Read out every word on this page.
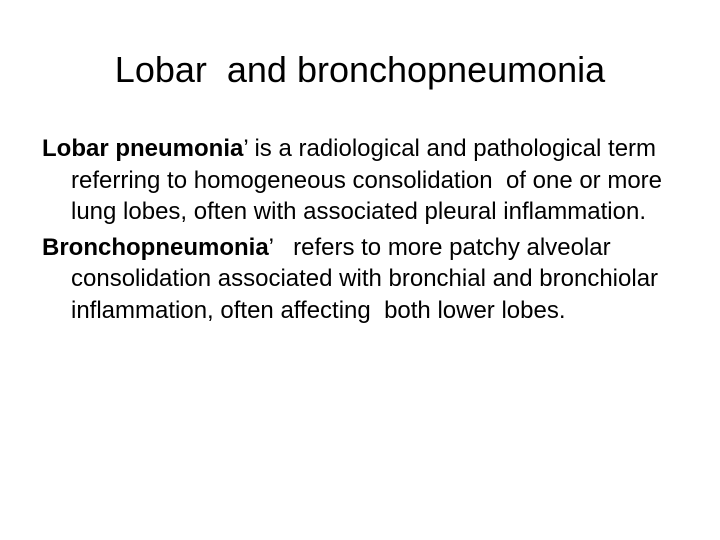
Lobar  and bronchopneumonia

Lobar pneumonia’ is a radiological and pathological term referring to homogeneous consolidation  of one or more lung lobes, often with associated pleural inflammation.

Bronchopneumonia’   refers to more patchy alveolar consolidation associated with bronchial and bronchiolar inflammation, often affecting  both lower lobes.
